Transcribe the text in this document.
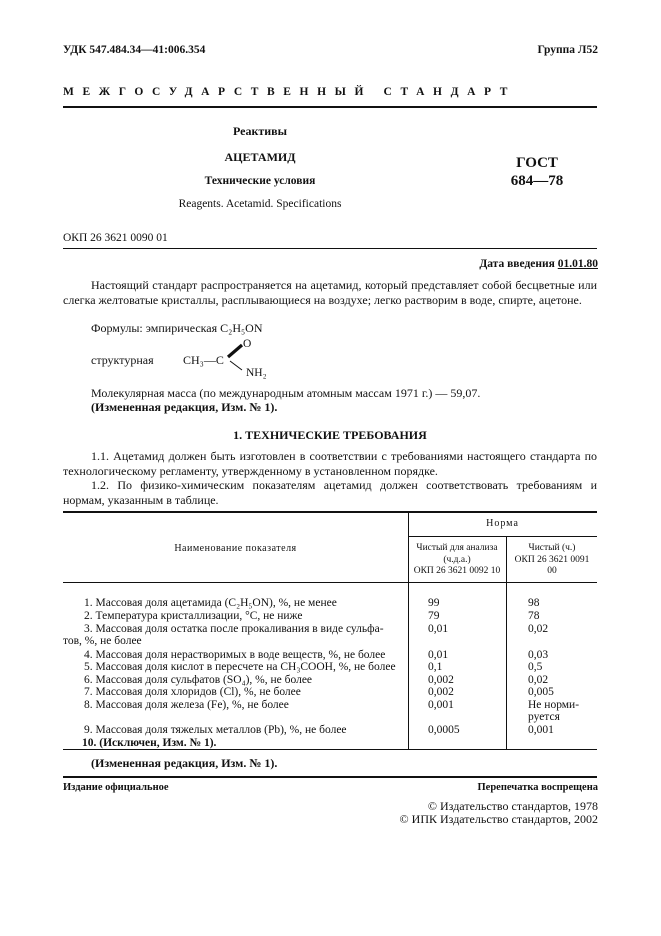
УДК 547.484.34—41:006.354	Группа Л52
МЕЖГОСУДАРСТВЕННЫЙ СТАНДАРТ
Реактивы
АЦЕТАМИД
Технические условия
Reagents. Acetamid. Specifications
ГОСТ
684—78
ОКП 26 3621 0090 01
Дата введения 01.01.80
Настоящий стандарт распространяется на ацетамид, который представляет собой бесцветные или слегка желтоватые кристаллы, расплывающиеся на воздухе; легко растворим в воде, спирте, ацетоне.
Формулы: эмпирическая C₂H₅ON
структурная CH₃—C
O
NH₂
Молекулярная масса (по международным атомным массам 1971 г.) — 59,07.
(Измененная редакция, Изм. № 1).
1. ТЕХНИЧЕСКИЕ ТРЕБОВАНИЯ
1.1. Ацетамид должен быть изготовлен в соответствии с требованиями настоящего стандарта по технологическому регламенту, утвержденному в установленном порядке.
1.2. По физико-химическим показателям ацетамид должен соответствовать требованиям и нормам, указанным в таблице.
Наименование показателя
Норма
Чистый для анализа
(ч.д.а.)
ОКП 26 3621 0092 10
Чистый (ч.)
ОКП 26 3621 0091
00
1. Массовая доля ацетамида (C₂H₅ON), %, не менее	99	98
2. Температура кристаллизации, °C, не ниже	79	78
3. Массовая доля остатка после прокаливания в виде сульфа-
тов, %, не более
0,01	0,02
4. Массовая доля нерастворимых в воде веществ, %, не более	0,01	0,03
5. Массовая доля кислот в пересчете на CH₃COOH, %, не более	0,1	0,5
6. Массовая доля сульфатов (SO₄), %, не более	0,002	0,02
7. Массовая доля хлоридов (Cl), %, не более	0,002	0,005
8. Массовая доля железа (Fe), %, не более	0,001	Не норми-
руется
9. Массовая доля тяжелых металлов (Pb), %, не более	0,0005	0,001
10. (Исключен, Изм. № 1).
(Измененная редакция, Изм. № 1).
Издание официальное	Перепечатка воспрещена
© Издательство стандартов, 1978
© ИПК Издательство стандартов, 2002
